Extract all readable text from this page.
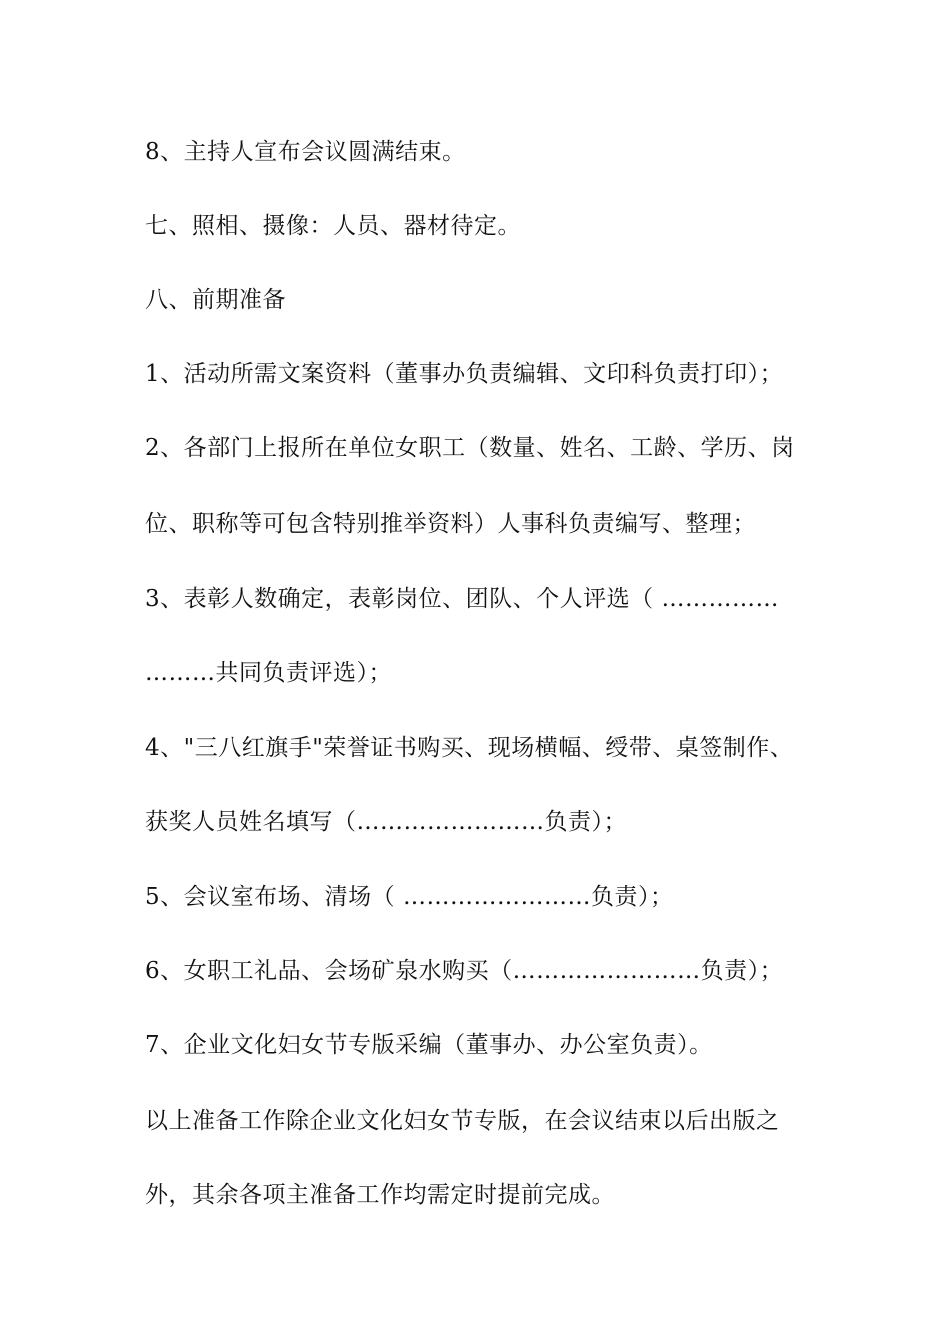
8、主持人宣布会议圆满结束。
七、照相、摄像：人员、器材待定。
八、前期准备
1、活动所需文案资料（董事办负责编辑、文印科负责打印）；
2、各部门上报所在单位女职工（数量、姓名、工龄、学历、岗
位、职称等可包含特别推举资料）人事科负责编写、整理；
3、表彰人数确定，表彰岗位、团队、个人评选（ ……………
………共同负责评选）；
4、"三八红旗手"荣誉证书购买、现场横幅、绶带、桌签制作、
获奖人员姓名填写（……………………负责）；
5、会议室布场、清场（ ……………………负责）；
6、女职工礼品、会场矿泉水购买（……………………负责）；
7、企业文化妇女节专版采编（董事办、办公室负责）。
以上准备工作除企业文化妇女节专版，在会议结束以后出版之
外，其余各项主准备工作均需定时提前完成。
